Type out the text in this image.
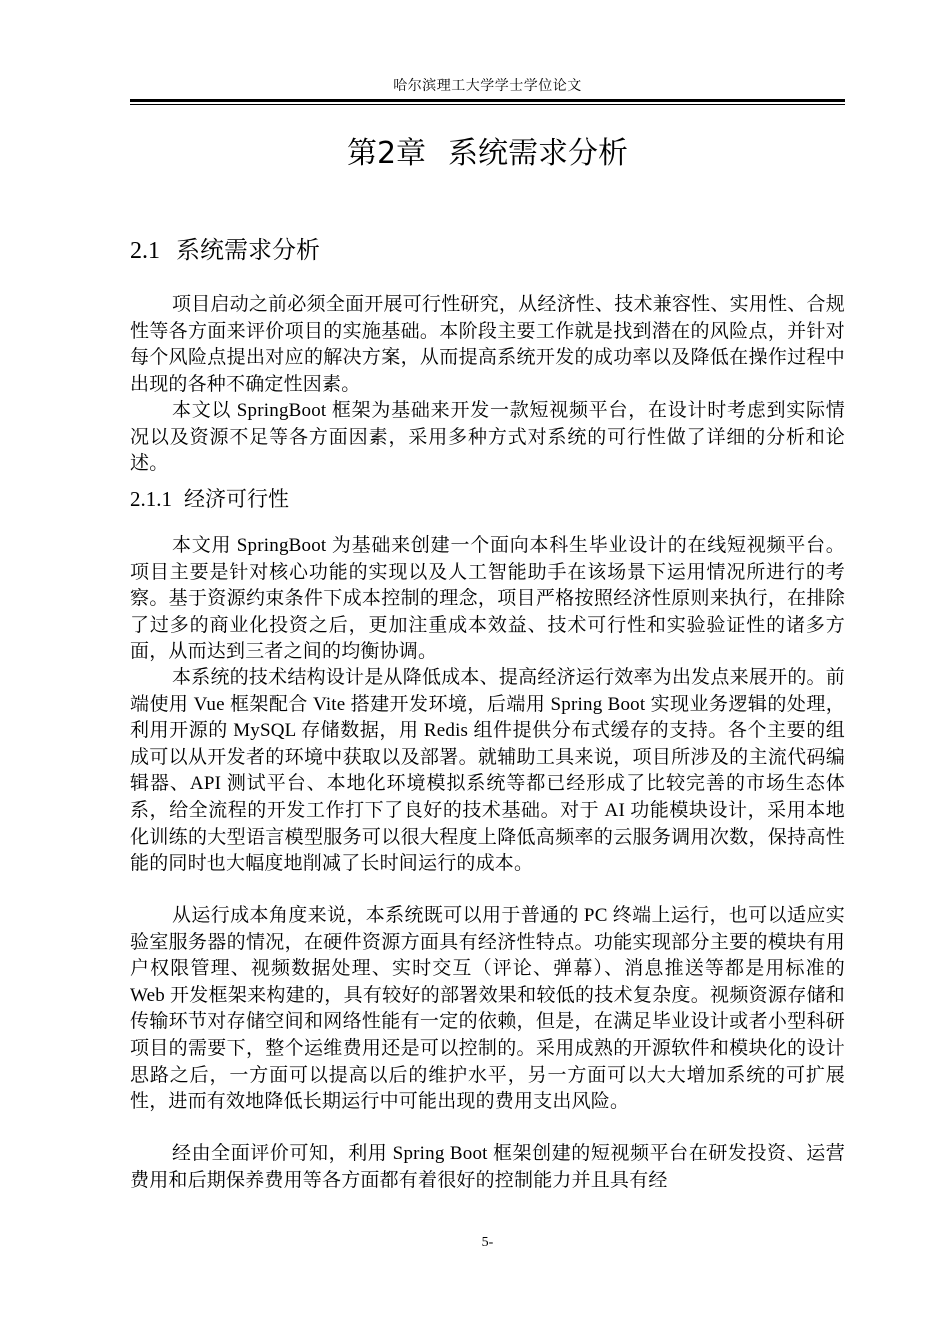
哈尔滨理工大学学士学位论文
第2章 系统需求分析
2.1 系统需求分析

项目启动之前必须全面开展可行性研究，从经济性、技术兼容性、实用性、合规性等各方面来评价项目的实施基础。本阶段主要工作就是找到潜在的风险点，并针对每个风险点提出对应的解决方案，从而提高系统开发的成功率以及降低在操作过程中出现的各种不确定性因素。

本文以 SpringBoot 框架为基础来开发一款短视频平台，在设计时考虑到实际情况以及资源不足等各方面因素，采用多种方式对系统的可行性做了详细的分析和论述。

2.1.1 经济可行性

本文用 SpringBoot 为基础来创建一个面向本科生毕业设计的在线短视频平台。项目主要是针对核心功能的实现以及人工智能助手在该场景下运用情况所进行的考察。基于资源约束条件下成本控制的理念，项目严格按照经济性原则来执行，在排除了过多的商业化投资之后，更加注重成本效益、技术可行性和实验验证性的诸多方面，从而达到三者之间的均衡协调。

本系统的技术结构设计是从降低成本、提高经济运行效率为出发点来展开的。前端使用 Vue 框架配合 Vite 搭建开发环境，后端用 Spring Boot 实现业务逻辑的处理，利用开源的 MySQL 存储数据，用 Redis 组件提供分布式缓存的支持。各个主要的组成可以从开发者的环境中获取以及部署。就辅助工具来说，项目所涉及的主流代码编辑器、API 测试平台、本地化环境模拟系统等都已经形成了比较完善的市场生态体系，给全流程的开发工作打下了良好的技术基础。对于 AI 功能模块设计，采用本地化训练的大型语言模型服务可以很大程度上降低高频率的云服务调用次数，保持高性能的同时也大幅度地削减了长时间运行的成本。

从运行成本角度来说，本系统既可以用于普通的 PC 终端上运行，也可以适应实验室服务器的情况，在硬件资源方面具有经济性特点。功能实现部分主要的模块有用户权限管理、视频数据处理、实时交互（评论、弹幕）、消息推送等都是用标准的 Web 开发框架来构建的，具有较好的部署效果和较低的技术复杂度。视频资源存储和传输环节对存储空间和网络性能有一定的依赖，但是，在满足毕业设计或者小型科研项目的需要下，整个运维费用还是可以控制的。采用成熟的开源软件和模块化的设计思路之后，一方面可以提高以后的维护水平，另一方面可以大大增加系统的可扩展性，进而有效地降低长期运行中可能出现的费用支出风险。

经由全面评价可知，利用 Spring Boot 框架创建的短视频平台在研发投资、运营费用和后期保养费用等各方面都有着很好的控制能力并且具有经

5-
